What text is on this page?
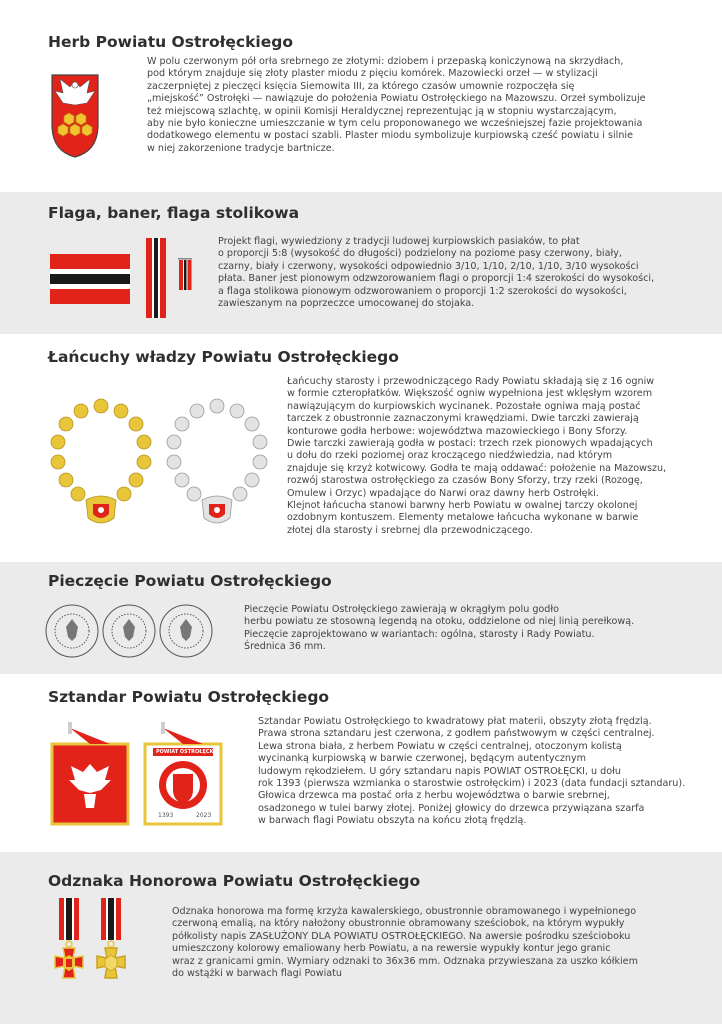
Herb Powiatu Ostrołęckiego

W polu czerwonym pół orła srebrnego ze złotymi: dziobem i przepaską koniczynową na skrzydłach,

pod którym znajduje się złoty plaster miodu z pięciu komórek. Mazowiecki orzeł — w stylizacji

zaczerpniętej z pieczęci księcia Siemowita III, za którego czasów umownie rozpoczęła się

„miejskość” Ostrołęki — nawiązuje do położenia Powiatu Ostrołęckiego na Mazowszu. Orzeł symbolizuje

też miejscową szlachtę, w opinii Komisji Heraldycznej reprezentując ją w stopniu wystarczającym,

aby nie było konieczne umieszczanie w tym celu proponowanego we wcześniejszej fazie projektowania

dodatkowego elementu w postaci szabli. Plaster miodu symbolizuje kurpiowską cześć powiatu i silnie

w niej zakorzenione tradycje bartnicze.

Flaga, baner, flaga stolikowa

Projekt flagi, wywiedziony z tradycji ludowej kurpiowskich pasiaków, to płat

o proporcji 5:8 (wysokość do długości) podzielony na poziome pasy czerwony, biały,

czarny, biały i czerwony, wysokości odpowiednio 3/10, 1/10, 2/10, 1/10, 3/10 wysokości

płata. Baner jest pionowym odzwzorowaniem flagi o proporcji 1:4 szerokości do wysokości,

a flaga stolikowa pionowym odzworowaniem o proporcji 1:2 szerokości do wysokości,

zawieszanym na poprzeczce umocowanej do stojaka.

Łańcuchy władzy Powiatu Ostrołęckiego

Łańcuchy starosty i przewodniczącego Rady Powiatu składają się z 16 ogniw

w formie czteropłatków. Większość ogniw wypełniona jest wklęsłym wzorem

nawiązującym do kurpiowskich wycinanek. Pozostałe ogniwa mają postać

tarczek z obustronnie zaznaczonymi krawędziami. Dwie tarczki zawierają

konturowe godła herbowe: województwa mazowieckiego i Bony Sforzy.

Dwie tarczki zawierają godła w postaci: trzech rzek pionowych wpadających

u dołu do rzeki poziomej oraz kroczącego niedźwiedzia, nad którym

znajduje się krzyż kotwicowy. Godła te mają oddawać: położenie na Mazowszu,

rozwój starostwa ostrołęckiego za czasów Bony Sforzy, trzy rzeki (Rozogę,

Omulew i Orzyc) wpadające do Narwi oraz dawny herb Ostrołęki.

Klejnot łańcucha stanowi barwny herb Powiatu w owalnej tarczy okolonej

ozdobnym kontuszem. Elementy metalowe łańcucha wykonane w barwie

złotej dla starosty i srebrnej dla przewodniczącego.

Pieczęcie Powiatu Ostrołęckiego

Pieczęcie Powiatu Ostrołęckiego zawierają w okrągłym polu godło

herbu powiatu ze stosowną legendą na otoku, oddzielone od niej linią perełkową.

Pieczęcie zaprojektowano w wariantach: ogólna, starosty i Rady Powiatu.

Średnica 36 mm.

Sztandar Powiatu Ostrołęckiego
POWIAT OSTROŁĘCKI
1393	2023

Sztandar Powiatu Ostrołęckiego to kwadratowy płat materii, obszyty złotą frędzlą.

Prawa strona sztandaru jest czerwona, z godłem państwowym w części centralnej.

Lewa strona biała, z herbem Powiatu w części centralnej, otoczonym kolistą

wycinanką kurpiowską w barwie czerwonej, będącym autentycznym

ludowym rękodziełem. U góry sztandaru napis POWIAT OSTROŁĘCKI, u dołu

rok 1393 (pierwsza wzmianka o starostwie ostrołęckim) i 2023 (data fundacji sztandaru).

Głowica drzewca ma postać orła z herbu województwa o barwie srebrnej,

osadzonego w tulei barwy złotej. Poniżej głowicy do drzewca przywiązana szarfa

w barwach flagi Powiatu obszyta na końcu złotą frędzlą.

Odznaka Honorowa Powiatu Ostrołęckiego

Odznaka honorowa ma formę krzyża kawalerskiego, obustronnie obramowanego i wypełnionego

czerwoną emalią, na który nałożony obustronnie obramowany sześciobok, na którym wypukły

półkolisty napis ZASŁUŻONY DLA POWIATU OSTROŁĘCKIEGO. Na awersie pośrodku sześcioboku

umieszczony kolorowy emaliowany herb Powiatu, a na rewersie wypukły kontur jego granic

wraz z granicami gmin. Wymiary odznaki to 36x36 mm. Odznaka przywieszana za uszko kółkiem

do wstążki w barwach flagi Powiatu
